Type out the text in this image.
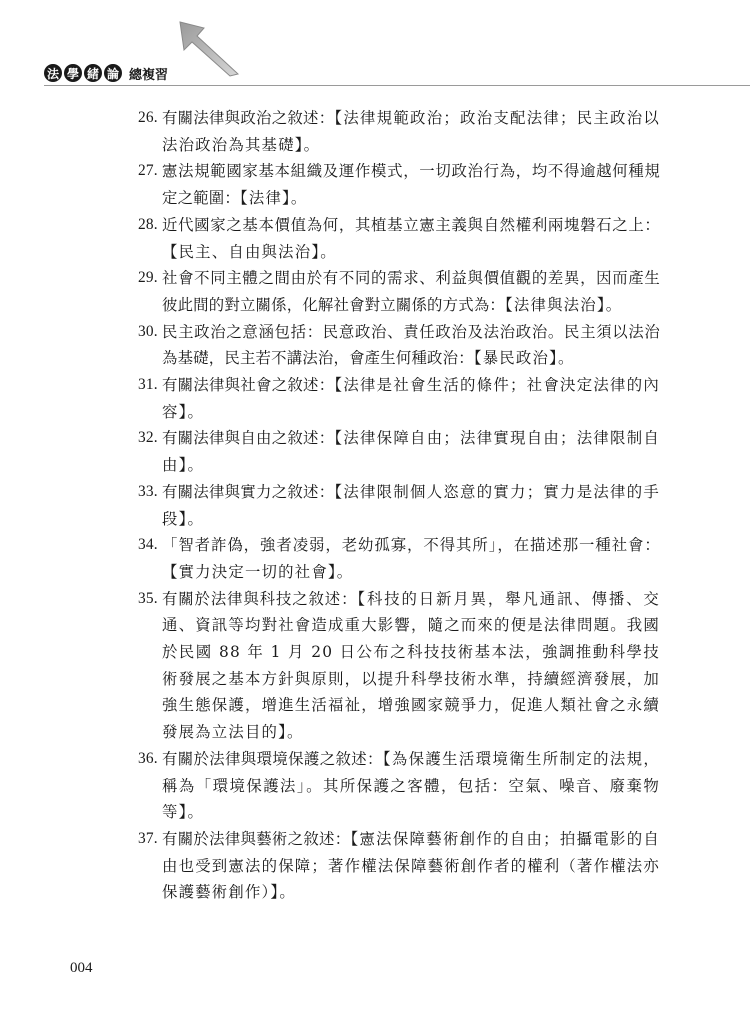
法 學 緒 論 總複習
26. 有關法律與政治之敘述：【法律規範政治；政治支配法律；民主政治以法治政治為其基礎】。
27. 憲法規範國家基本組織及運作模式，一切政治行為，均不得逾越何種規定之範圍：【法律】。
28. 近代國家之基本價值為何，其植基立憲主義與自然權利兩塊磐石之上：【民主、自由與法治】。
29. 社會不同主體之間由於有不同的需求、利益與價值觀的差異，因而產生彼此間的對立關係，化解社會對立關係的方式為：【法律與法治】。
30. 民主政治之意涵包括：民意政治、責任政治及法治政治。民主須以法治為基礎，民主若不講法治，會產生何種政治：【暴民政治】。
31. 有關法律與社會之敘述：【法律是社會生活的條件；社會決定法律的內容】。
32. 有關法律與自由之敘述：【法律保障自由；法律實現自由；法律限制自由】。
33. 有關法律與實力之敘述：【法律限制個人恣意的實力；實力是法律的手段】。
34. 「智者詐偽，強者凌弱，老幼孤寡，不得其所」，在描述那一種社會：【實力決定一切的社會】。
35. 有關於法律與科技之敘述：【科技的日新月異，舉凡通訊、傳播、交通、資訊等均對社會造成重大影響，隨之而來的便是法律問題。我國於民國 88 年 1 月 20 日公布之科技技術基本法，強調推動科學技術發展之基本方針與原則，以提升科學技術水準，持續經濟發展，加強生態保護，增進生活福祉，增強國家競爭力，促進人類社會之永續發展為立法目的】。
36. 有關於法律與環境保護之敘述：【為保護生活環境衛生所制定的法規，稱為「環境保護法」。其所保護之客體，包括：空氣、噪音、廢棄物等】。
37. 有關於法律與藝術之敘述：【憲法保障藝術創作的自由；拍攝電影的自由也受到憲法的保障；著作權法保障藝術創作者的權利（著作權法亦保護藝術創作）】。
004
